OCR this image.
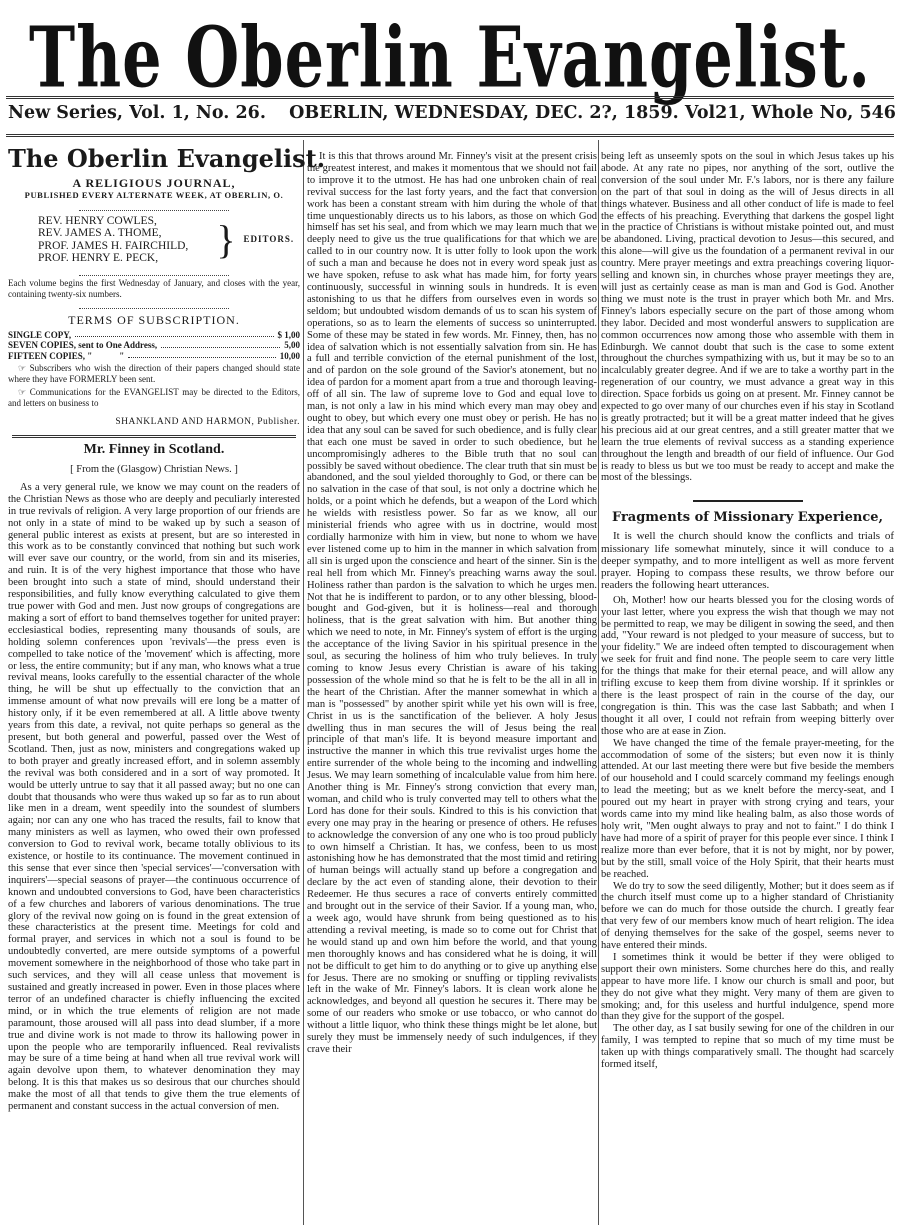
The Oberlin Evangelist.
New Series, Vol. 1, No. 26. OBERLIN, WEDNESDAY, DEC. 2?, 1859. Vol21, Whole No, 546
The Oberlin Evangelist.
A RELIGIOUS JOURNAL,
PUBLISHED EVERY ALTERNATE WEEK, AT OBERLIN, O.
REV. HENRY COWLES,
REV. JAMES A. THOME,
PROF. JAMES H. FAIRCHILD,
PROF. HENRY E. PECK,	} EDITORS.

Each volume begins the first Wednesday of January, and closes with the year, containing twenty-six numbers.

TERMS OF SUBSCRIPTION.
SINGLE COPY,	$ 1,00
SEVEN COPIES, sent to One Address,	5,00
FIFTEEN COPIES, "            "	10,00

☞ Subscribers who wish the direction of their papers changed should state where they have FORMERLY been sent.

☞ Communications for the EVANGELIST may be directed to the Editors, and letters on business to

SHANKLAND AND HARMON, Publisher.
Mr. Finney in Scotland.
[ From the (Glasgow) Christian News. ]

As a very general rule, we know we may count on the readers of the Christian News as those who are deeply and peculiarly interested in true revivals of religion. A very large proportion of our friends are not only in a state of mind to be waked up by such a season of general public interest as exists at present, but are so interested in this work as to be constantly convinced that nothing but such work will ever save our country, or the world, from sin and its miseries, and ruin. It is of the very highest importance that those who have been brought into such a state of mind, should understand their responsibilities, and fully know everything calculated to give them true power with God and men. Just now groups of congregations are making a sort of effort to band themselves together for united prayer: ecclesiastical bodies, representing many thousands of souls, are holding solemn conferences upon 'revivals'—the press even is compelled to take notice of the 'movement' which is affecting, more or less, the entire community; but if any man, who knows what a true revival means, looks carefully to the essential character of the whole thing, he will be shut up effectually to the conviction that an immense amount of what now prevails will ere long be a matter of history only, if it be even remembered at all. A little above twenty years from this date, a revival, not quite perhaps so general as the present, but both general and powerful, passed over the West of Scotland. Then, just as now, ministers and congregations waked up to both prayer and greatly increased effort, and in solemn assembly the revival was both considered and in a sort of way promoted. It would be utterly untrue to say that it all passed away; but no one can doubt that thousands who were thus waked up so far as to run about like men in a dream, went speedily into the soundest of slumbers again; nor can any one who has traced the results, fail to know that many ministers as well as laymen, who owed their own professed conversion to God to revival work, became totally oblivious to its existence, or hostile to its continuance. The movement continued in this sense that ever since then 'special services'—'conversation with inquirers'—special seasons of prayer—the continuous occurrence of known and undoubted conversions to God, have been characteristics of a few churches and laborers of various denominations. The true glory of the revival now going on is found in the great extension of these characteristics at the present time. Meetings for cold and formal prayer, and services in which not a soul is found to be undoubtedly converted, are mere outside symptoms of a powerful movement somewhere in the neighborhood of those who take part in such services, and they will all cease unless that movement is sustained and greatly increased in power. Even in those places where terror of an undefined character is chiefly influencing the excited mind, or in which the true elements of religion are not made paramount, those aroused will all pass into dead slumber, if a more true and divine work is not made to throw its hallowing power in upon the people who are temporarily influenced. Real revivalists may be sure of a time being at hand when all true revival work will again devolve upon them, to whatever denomination they may belong. It is this that makes us so desirous that our churches should make the most of all that tends to give them the true elements of permanent and constant success in the actual conversion of men.

It is this that throws around Mr. Finney's visit at the present crisis the greatest interest, and makes it momentous that we should not fail to improve it to the utmost. He has had one unbroken chain of real revival success for the last forty years, and the fact that conversion work has been a constant stream with him during the whole of that time unquestionably directs us to his labors, as those on which God himself has set his seal, and from which we may learn much that we deeply need to give us the true qualifications for that which we are called to in our country now. It is utter folly to look upon the work of such a man and because he does not in every word speak just as we have spoken, refuse to ask what has made him, for forty years continuously, successful in winning souls in hundreds. It is even astonishing to us that he differs from ourselves even in words so seldom; but undoubted wisdom demands of us to scan his system of operations, so as to learn the elements of success so uninterrupted. Some of these may be stated in few words. Mr. Finney, then, has no idea of salvation which is not essentially salvation from sin. He has a full and terrible conviction of the eternal punishment of the lost, and of pardon on the sole ground of the Savior's atonement, but no idea of pardon for a moment apart from a true and thorough leaving-off of all sin. The law of supreme love to God and equal love to man, is not only a law in his mind which every man may obey and ought to obey, but which every one must obey or perish. He has no idea that any soul can be saved for such obedience, and is fully clear that each one must be saved in order to such obedience, but he uncompromisingly adheres to the Bible truth that no soul can possibly be saved without obedience. The clear truth that sin must be abandoned, and the soul yielded thoroughly to God, or there can be no salvation in the case of that soul, is not only a doctrine which he holds, or a point which he defends, but a weapon of the Lord which he wields with resistless power. So far as we know, all our ministerial friends who agree with us in doctrine, would most cordially harmonize with him in view, but none to whom we have ever listened come up to him in the manner in which salvation from all sin is urged upon the conscience and heart of the sinner. Sin is the real hell from which Mr. Finney's preaching warns away the soul. Holiness rather than pardon is the salvation to which he urges men. Not that he is indifferent to pardon, or to any other blessing, blood-bought and God-given, but it is holiness—real and thorough holiness, that is the great salvation with him. But another thing which we need to note, in Mr. Finney's system of effort is the urging the acceptance of the living Savior in his spiritual presence in the soul, as securing the holiness of him who truly believes. In truly coming to know Jesus every Christian is aware of his taking possession of the whole mind so that he is felt to be the all in all in the heart of the Christian. After the manner somewhat in which a man is "possessed" by another spirit while yet his own will is free, Christ in us is the sanctification of the believer. A holy Jesus dwelling thus in man secures the will of Jesus being the real principle of that man's life. It is beyond measure important and instructive the manner in which this true revivalist urges home the entire surrender of the whole being to the incoming and indwelling Jesus. We may learn something of incalculable value from him here. Another thing is Mr. Finney's strong conviction that every man, woman, and child who is truly converted may tell to others what the Lord has done for their souls. Kindred to this is his conviction that every one may pray in the hearing or presence of others. He refuses to acknowledge the conversion of any one who is too proud publicly to own himself a Christian. It has, we confess, been to us most astonishing how he has demonstrated that the most timid and retiring of human beings will actually stand up before a congregation and declare by the act even of standing alone, their devotion to their Redeemer. He thus secures a race of converts entirely committed and brought out in the service of their Savior. If a young man, who, a week ago, would have shrunk from being questioned as to his attending a revival meeting, is made so to come out for Christ that he would stand up and own him before the world, and that young men thoroughly knows and has considered what he is doing, it will not be difficult to get him to do anything or to give up anything else for Jesus. There are no smoking or snuffing or tippling revivalists left in the wake of Mr. Finney's labors. It is clean work alone he acknowledges, and beyond all question he secures it. There may be some of our readers who smoke or use tobacco, or who cannot do without a little liquor, who think these things might be let alone, but surely they must be immensely needy of such indulgences, if they crave their

being left as unseemly spots on the soul in which Jesus takes up his abode. At any rate no pipes, nor anything of the sort, outlive the conversion of the soul under Mr. F.'s labors, nor is there any failure on the part of that soul in doing as the will of Jesus directs in all things whatever. Business and all other conduct of life is made to feel the effects of his preaching. Everything that darkens the gospel light in the practice of Christians is without mistake pointed out, and must be abandoned. Living, practical devotion to Jesus—this secured, and this alone—will give us the foundation of a permanent revival in our country. Mere prayer meetings and extra preachings covering liquor-selling and known sin, in churches whose prayer meetings they are, will just as certainly cease as man is man and God is God. Another thing we must note is the trust in prayer which both Mr. and Mrs. Finney's labors especially secure on the part of those among whom they labor. Decided and most wonderful answers to supplication are common occurrences now among those who assemble with them in Edinburgh. We cannot doubt that such is the case to some extent throughout the churches sympathizing with us, but it may be so to an incalculably greater degree. And if we are to take a worthy part in the regeneration of our country, we must advance a great way in this direction. Space forbids us going on at present. Mr. Finney cannot be expected to go over many of our churches even if his stay in Scotland is greatly protracted; but it will be a great matter indeed that he gives his precious aid at our great centres, and a still greater matter that we learn the true elements of revival success as a standing experience throughout the length and breadth of our field of influence. Our God is ready to bless us but we too must be ready to accept and make the most of the blessings.

Fragments of Missionary Experience,

It is well the church should know the conflicts and trials of missionary life somewhat minutely, since it will conduce to a deeper sympathy, and to more intelligent as well as more fervent prayer. Hoping to compass these results, we throw before our readers the following heart utterances.

Oh, Mother! how our hearts blessed you for the closing words of your last letter, where you express the wish that though we may not be permitted to reap, we may be diligent in sowing the seed, and then add, "Your reward is not pledged to your measure of success, but to your fidelity." We are indeed often tempted to discouragement when we seek for fruit and find none. The people seem to care very little for the things that make for their eternal peace, and will allow any trifling excuse to keep them from divine worship. If it sprinkles or there is the least prospect of rain in the course of the day, our congregation is thin. This was the case last Sabbath; and when I thought it all over, I could not refrain from weeping bitterly over those who are at ease in Zion.

We have changed the time of the female prayer-meeting, for the accommodation of some of the sisters; but even now it is thinly attended. At our last meeting there were but five beside the members of our household and I could scarcely command my feelings enough to lead the meeting; but as we knelt before the mercy-seat, and I poured out my heart in prayer with strong crying and tears, your words came into my mind like healing balm, as also those words of holy writ, "Men ought always to pray and not to faint." I do think I have had more of a spirit of prayer for this people ever since. I think I realize more than ever before, that it is not by might, nor by power, but by the still, small voice of the Holy Spirit, that their hearts must be reached.

We do try to sow the seed diligently, Mother; but it does seem as if the church itself must come up to a higher standard of Christianity before we can do much for those outside the church. I greatly fear that very few of our members know much of heart religion. The idea of denying themselves for the sake of the gospel, seems never to have entered their minds.

I sometimes think it would be better if they were obliged to support their own ministers. Some churches here do this, and really appear to have more life. I know our church is small and poor, but they do not give what they might. Very many of them are given to smoking; and, for this useless and hurtful indulgence, spend more than they give for the support of the gospel.

The other day, as I sat busily sewing for one of the children in our family, I was tempted to repine that so much of my time must be taken up with things comparatively small. The thought had scarcely formed itself,
